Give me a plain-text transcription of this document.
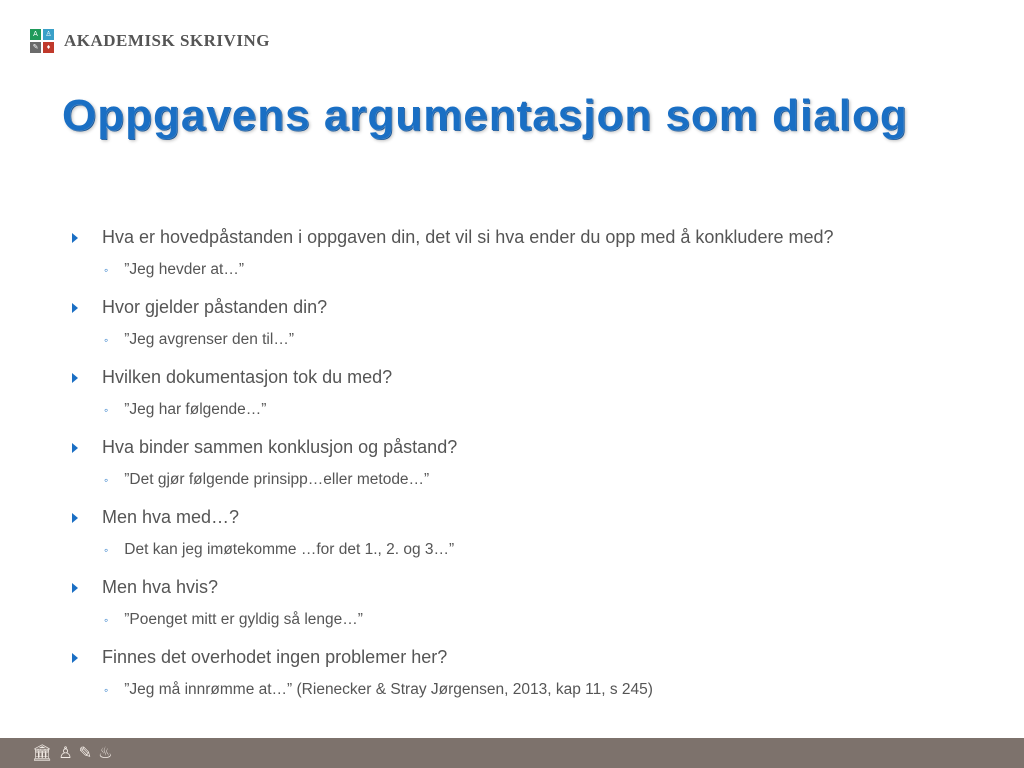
A	♙
✎	♦ AKADEMISK SKRIVING
Oppgavens argumentasjon som dialog
Hva er hovedpåstanden i oppgaven din, det vil si hva ender du opp med å konkludere med?
◦ ”Jeg hevder at…”
Hvor gjelder påstanden din?
◦ ”Jeg avgrenser den til…”
Hvilken dokumentasjon tok du med?
◦ ”Jeg har følgende…”
Hva binder sammen konklusjon og påstand?
◦ ”Det gjør følgende prinsipp…eller metode…”
Men hva med…?
◦ Det kan jeg imøtekomme …for det 1., 2. og 3…”
Men hva hvis?
◦ ”Poenget mitt er gyldig så lenge…”
Finnes det overhodet ingen problemer her?
◦ ”Jeg må innrømme at…” (Rienecker & Stray Jørgensen, 2013, kap 11, s 245)
🏛 ♙ ✎ ♨
